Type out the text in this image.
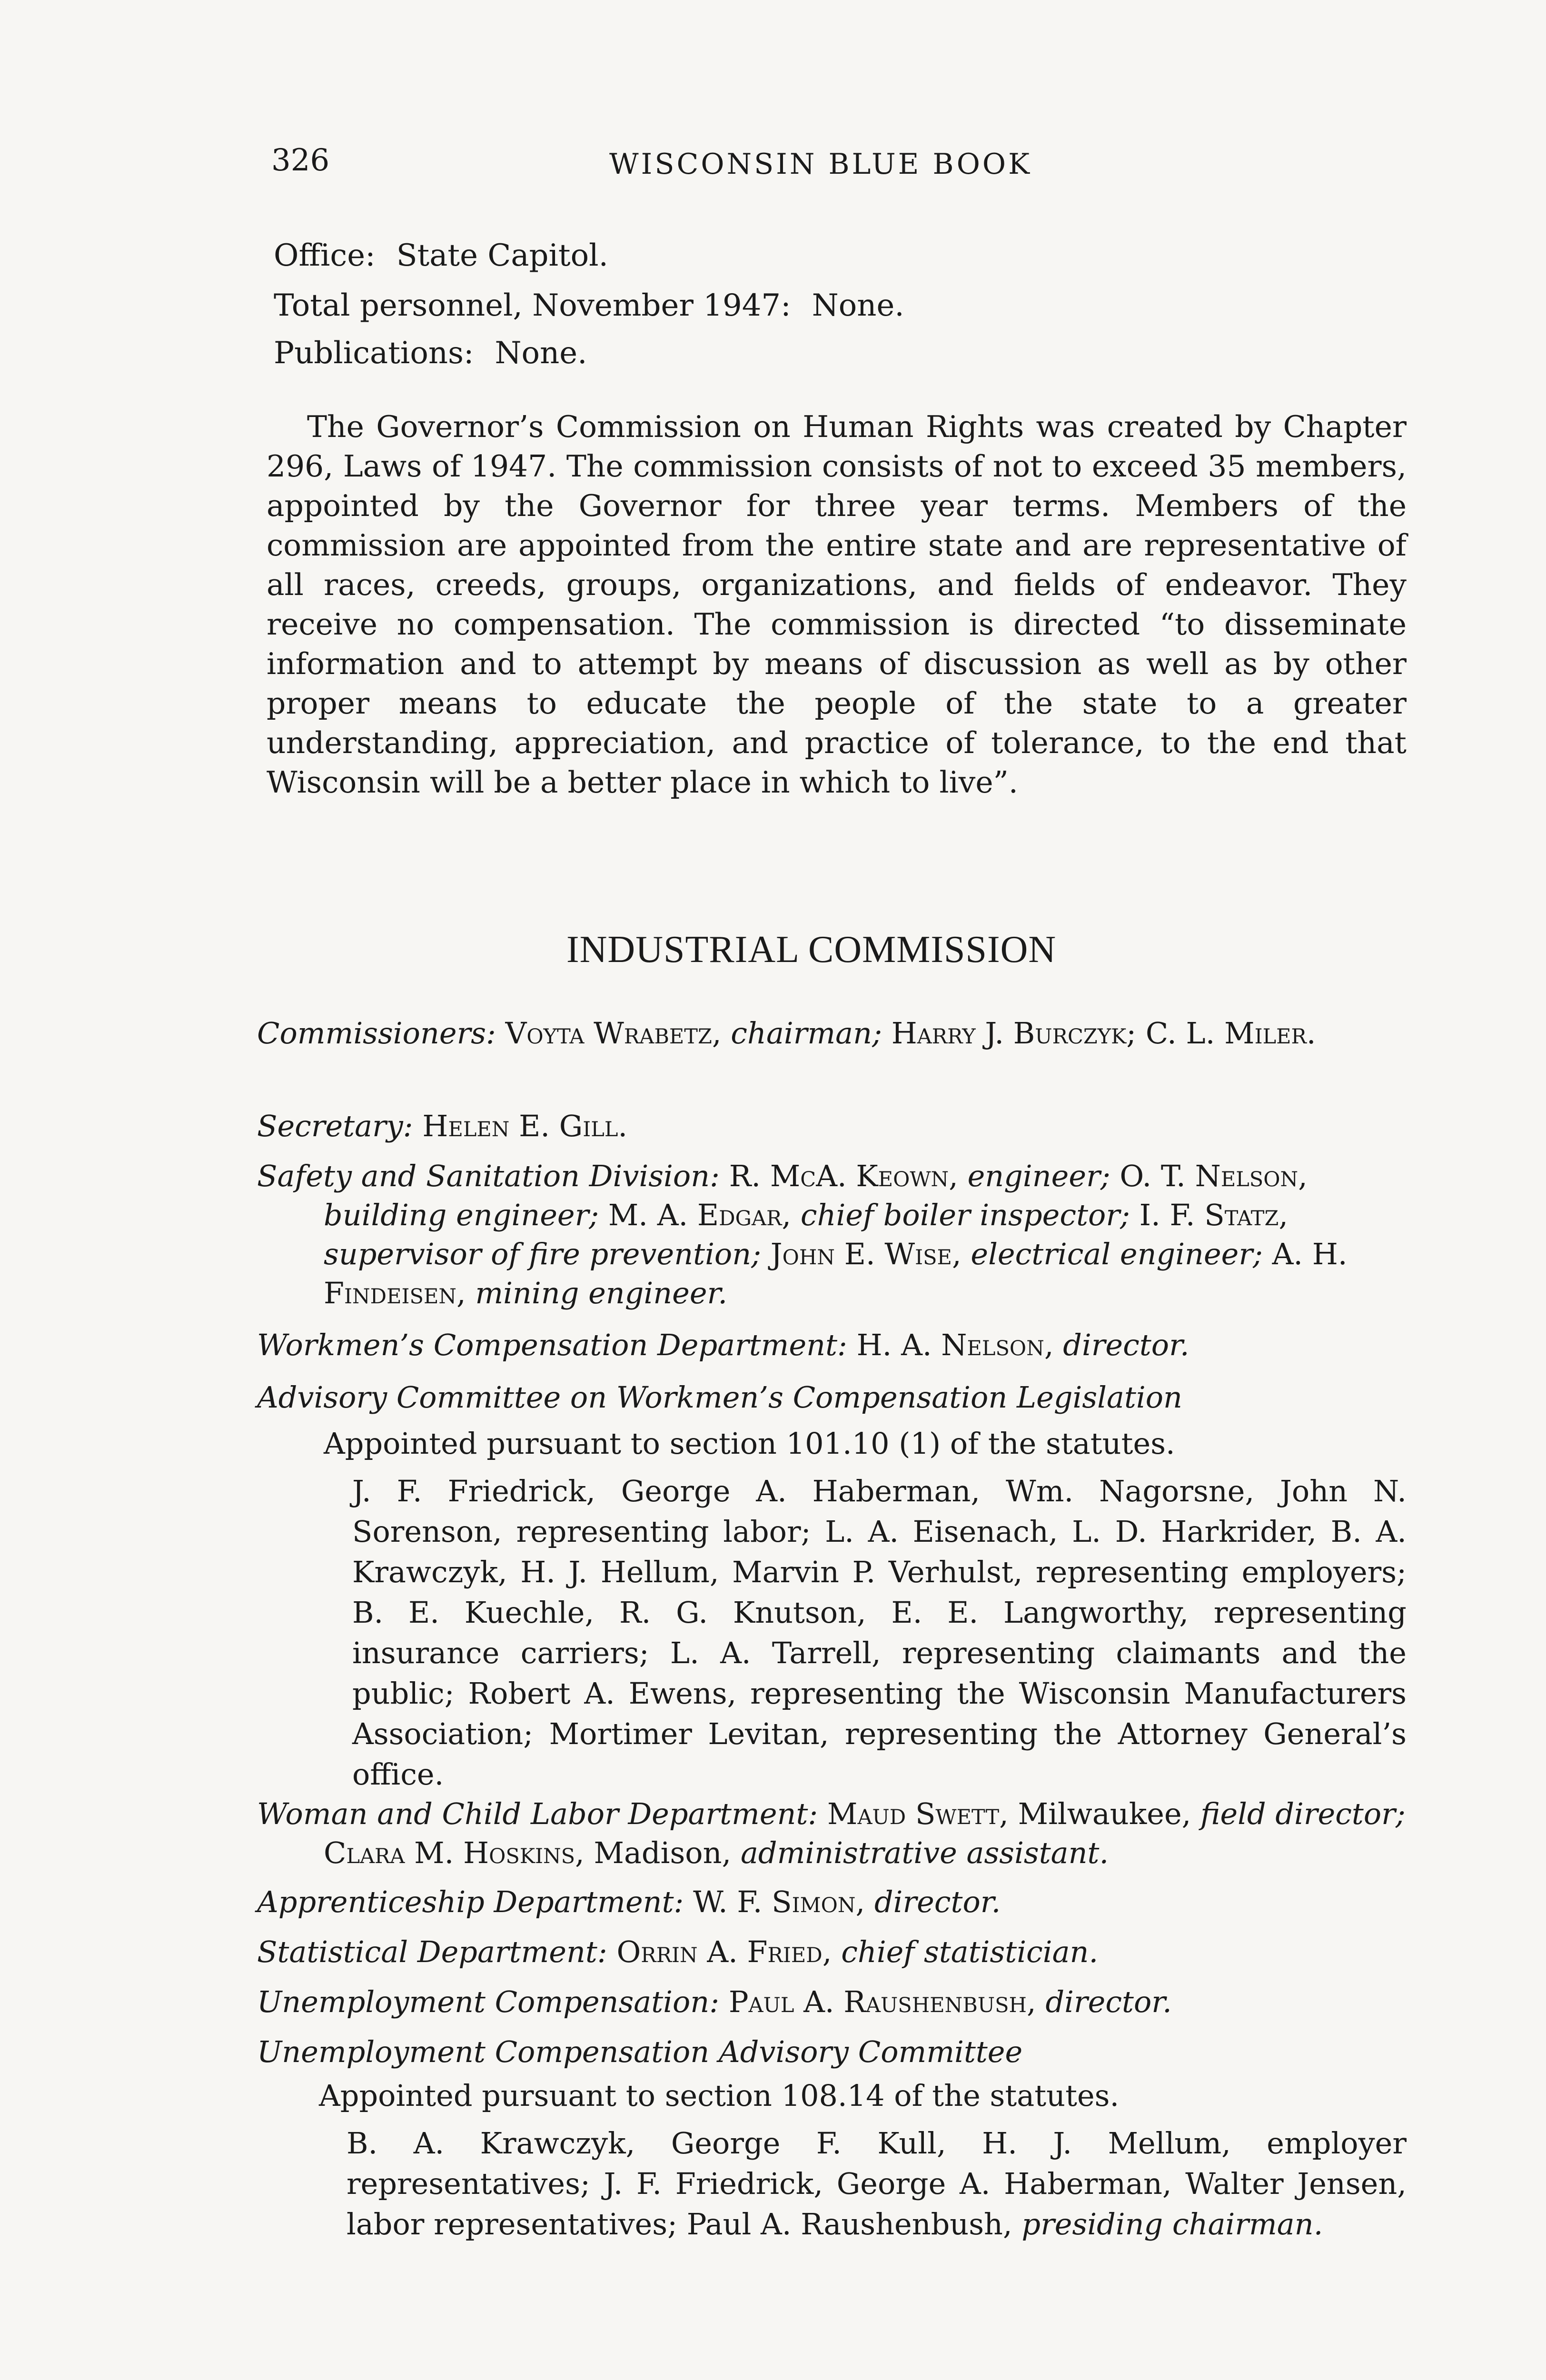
326	WISCONSIN BLUE BOOK
Office: State Capitol.
Total personnel, November 1947: None.
Publications: None.
The Governor’s Commission on Human Rights was created by Chapter 296, Laws of 1947. The commission consists of not to exceed 35 members, appointed by the Governor for three year terms. Members of the commission are appointed from the entire state and are representative of all races, creeds, groups, organizations, and fields of endeavor. They receive no compensation. The commission is directed “to disseminate information and to attempt by means of discussion as well as by other proper means to educate the people of the state to a greater understanding, appreciation, and practice of tolerance, to the end that Wisconsin will be a better place in which to live”.
INDUSTRIAL COMMISSION
Commissioners: Voyta Wrabetz, chairman; Harry J. Burczyk; C. L. Miler.
Secretary: Helen E. Gill.
Safety and Sanitation Division: R. McA. Keown, engineer; O. T. Nelson, building engineer; M. A. Edgar, chief boiler inspector; I. F. Statz, supervisor of fire prevention; John E. Wise, electrical engineer; A. H. Findeisen, mining engineer.
Workmen’s Compensation Department: H. A. Nelson, director.
Advisory Committee on Workmen’s Compensation Legislation
Appointed pursuant to section 101.10 (1) of the statutes.
J. F. Friedrick, George A. Haberman, Wm. Nagorsne, John N. Sorenson, representing labor; L. A. Eisenach, L. D. Harkrider, B. A. Krawczyk, H. J. Hellum, Marvin P. Verhulst, representing employers; B. E. Kuechle, R. G. Knutson, E. E. Langworthy, representing insurance carriers; L. A. Tarrell, representing claimants and the public; Robert A. Ewens, representing the Wisconsin Manufacturers Association; Mortimer Levitan, representing the Attorney General’s office.
Woman and Child Labor Department: Maud Swett, Milwaukee, field director; Clara M. Hoskins, Madison, administrative assistant.
Apprenticeship Department: W. F. Simon, director.
Statistical Department: Orrin A. Fried, chief statistician.
Unemployment Compensation: Paul A. Raushenbush, director.
Unemployment Compensation Advisory Committee
Appointed pursuant to section 108.14 of the statutes.
B. A. Krawczyk, George F. Kull, H. J. Mellum, employer representatives; J. F. Friedrick, George A. Haberman, Walter Jensen, labor representatives; Paul A. Raushenbush, presiding chairman.
